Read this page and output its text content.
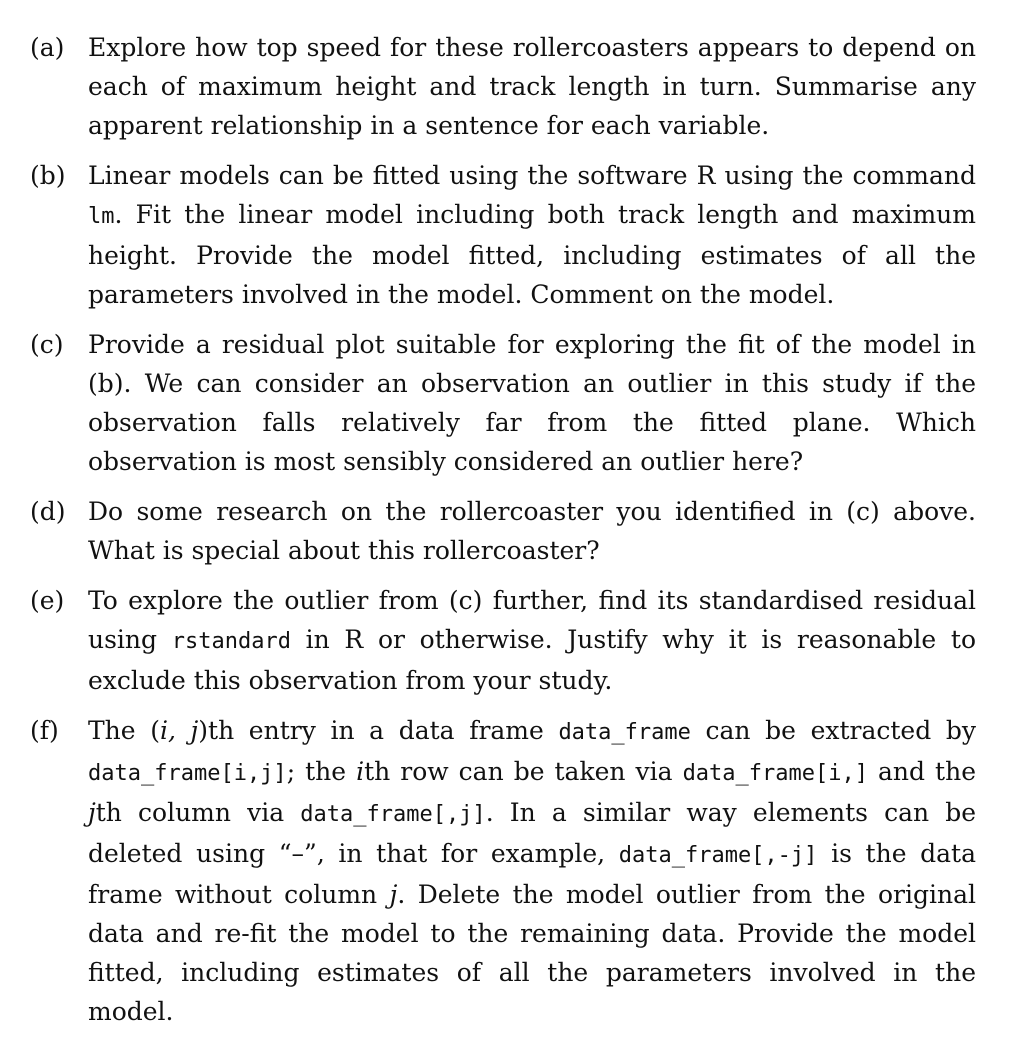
(a) Explore how top speed for these rollercoasters appears to depend on each of maximum height and track length in turn. Summarise any apparent relationship in a sentence for each variable.
(b) Linear models can be fitted using the software R using the command lm. Fit the linear model including both track length and maximum height. Provide the model fitted, including estimates of all the parameters involved in the model. Comment on the model.
(c) Provide a residual plot suitable for exploring the fit of the model in (b). We can consider an observation an outlier in this study if the observation falls relatively far from the fitted plane. Which observation is most sensibly considered an outlier here?
(d) Do some research on the rollercoaster you identified in (c) above. What is special about this rollercoaster?
(e) To explore the outlier from (c) further, find its standardised residual using rstandard in R or otherwise. Justify why it is reasonable to exclude this observation from your study.
(f)	The (i, j)th entry in a data frame data_frame can be extracted by data_frame[i,j]; the ith row can be taken via data_frame[i,] and the jth column via data_frame[,j]. In a similar way elements can be deleted using “–”, in that for example, data_frame[,-j] is the data frame without column j. Delete the model outlier from the original data and re-fit the model to the remaining data. Provide the model fitted, including estimates of all the parameters involved in the model.
